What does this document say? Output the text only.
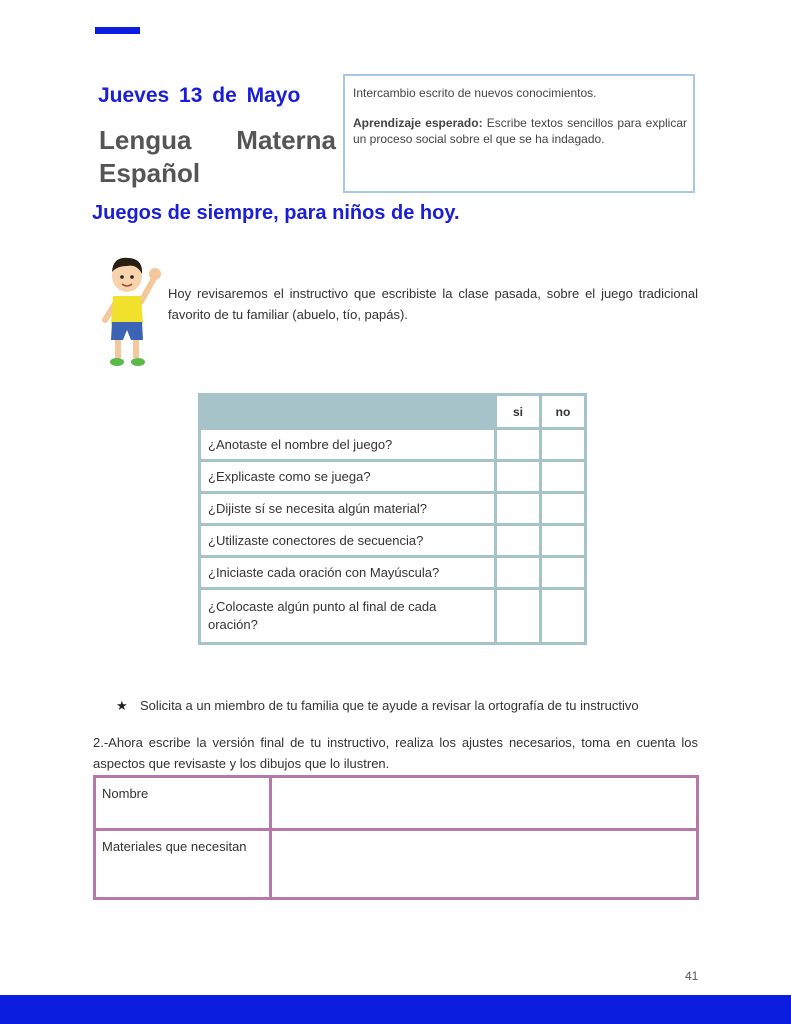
Jueves 13 de Mayo
Lengua Materna
Español
Intercambio escrito de nuevos conocimientos.
Aprendizaje esperado: Escribe textos sencillos para explicar un proceso social sobre el que se ha indagado.
Juegos de siempre, para niños de hoy.
Hoy revisaremos el instructivo que escribiste la clase pasada, sobre el juego tradicional favorito de tu familiar (abuelo, tío, papás).
	si	no
¿Anotaste el nombre del juego?		
¿Explicaste como se juega?		
¿Dijiste sí se necesita algún material?		
¿Utilizaste conectores de secuencia?		
¿Iniciaste cada oración con Mayúscula?		
¿Colocaste algún punto al final de cada oración?		
★ Solicita a un miembro de tu familia que te ayude a revisar la ortografía de tu instructivo
2.-Ahora escribe la versión final de tu instructivo, realiza los ajustes necesarios, toma en cuenta los aspectos que revisaste y los dibujos que lo ilustren.
Nombre	
Materiales que necesitan	
41
